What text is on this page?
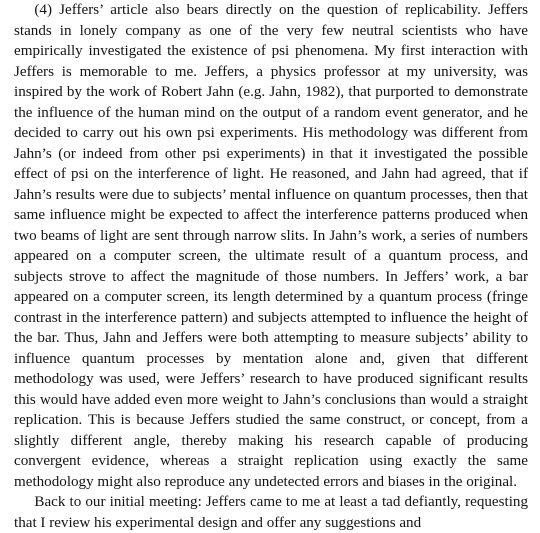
(4) Jeffers’ article also bears directly on the question of replicability. Jeffers stands in lonely company as one of the very few neutral scientists who have empirically investigated the existence of psi phenomena. My first interaction with Jeffers is memorable to me. Jeffers, a physics professor at my university, was inspired by the work of Robert Jahn (e.g. Jahn, 1982), that purported to demonstrate the influence of the human mind on the output of a random event generator, and he decided to carry out his own psi experiments. His methodology was different from Jahn’s (or indeed from other psi experiments) in that it investigated the possible effect of psi on the interference of light. He reasoned, and Jahn had agreed, that if Jahn’s results were due to subjects’ mental influence on quantum processes, then that same influence might be expected to affect the interference patterns produced when two beams of light are sent through narrow slits. In Jahn’s work, a series of numbers appeared on a computer screen, the ultimate result of a quantum process, and subjects strove to affect the magnitude of those numbers. In Jeffers’ work, a bar appeared on a computer screen, its length determined by a quantum process (fringe contrast in the interference pattern) and subjects attempted to influence the height of the bar. Thus, Jahn and Jeffers were both attempting to measure subjects’ ability to influence quantum processes by mentation alone and, given that different methodology was used, were Jeffers’ research to have produced significant results this would have added even more weight to Jahn’s conclusions than would a straight replication. This is because Jeffers studied the same construct, or concept, from a slightly different angle, thereby making his research capable of producing convergent evidence, whereas a straight replication using exactly the same methodology might also reproduce any undetected errors and biases in the original.

Back to our initial meeting: Jeffers came to me at least a tad defiantly, requesting that I review his experimental design and offer any suggestions and
